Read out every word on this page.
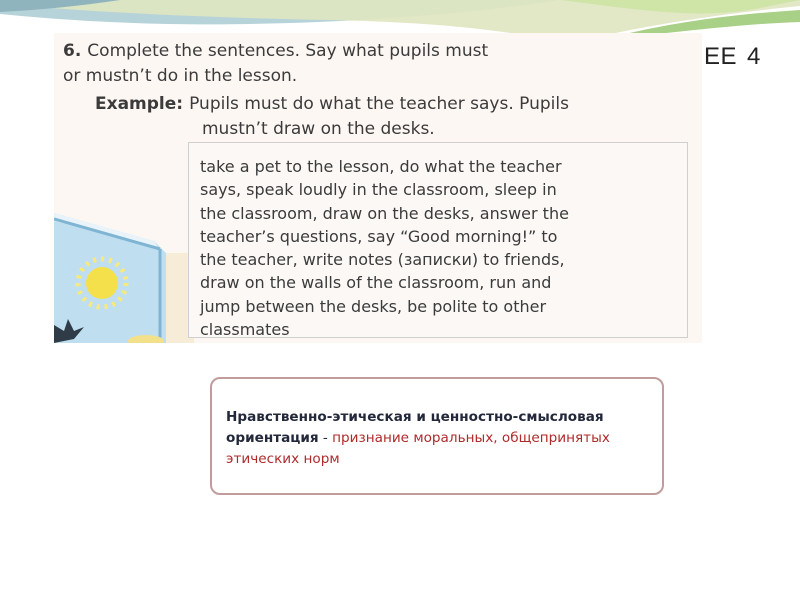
6. Complete the sentences. Say what pupils must
or mustn’t do in the lesson.
Example: Pupils must do what the teacher says. Pupils
mustn’t draw on the desks.
take a pet to the lesson, do what the teacher
says, speak loudly in the classroom, sleep in
the classroom, draw on the desks, answer the
teacher’s questions, say “Good morning!” to
the teacher, write notes (записки) to friends,
draw on the walls of the classroom, run and
jump between the desks, be polite to other
classmates
EE 4
Нравственно-этическая и ценностно-смысловая ориентация - признание моральных, общепринятых этических норм
